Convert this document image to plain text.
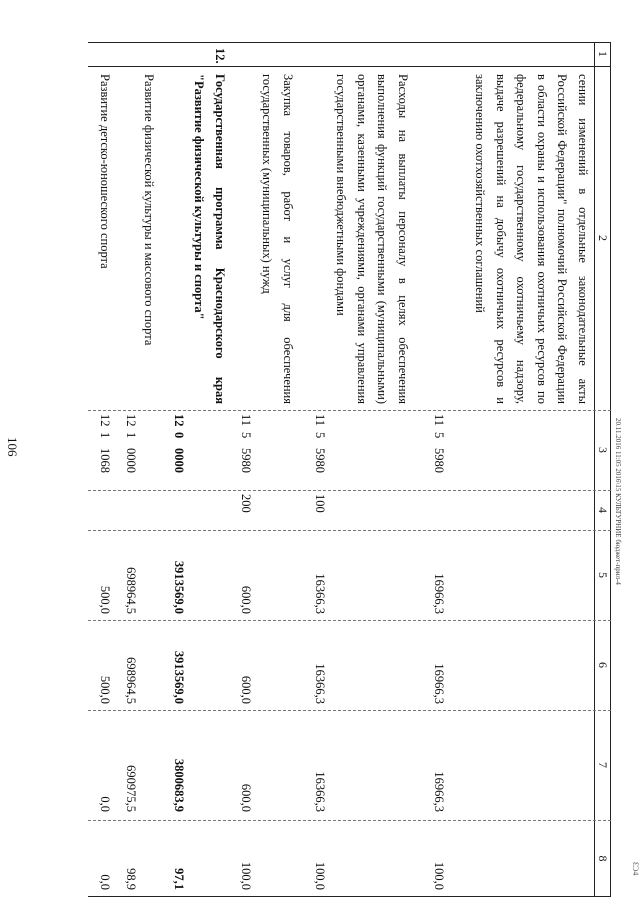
106
1
2
3
4
5
6
7
8
сении изменений в отдельные законодательные акты Российской Федерации" полномочий Российской Федерации в области охраны и использования охотничьих ресурсов по федеральному государственному охотничьему надзору, выдаче разрешений на добычу охотничьих ресурсов и заключению охотхозяйственных соглашений
11
5
5980
16966,3
16966,3
16966,3
100,0
Расходы на выплаты персоналу в целях обеспечения выполнения функций государственными (муниципальными) органами, казенными учреждениями, органами управления государственными внебюджетными фондами
11
5
5980
100
16366,3
16366,3
16366,3
100,0
Закупка товаров, работ и услуг для обеспечения государственных (муниципальных) нужд
11
5
5980
200
600,0
600,0
600,0
100,0
12.
Государственная программа Краснодарского края "Развитие физической культуры и спорта"
12
0
0000
3913569,0
3913569,0
3800683,9
97,1
Развитие физической культуры и массового спорта
12
1
0000
698964,5
698964,5
690975,5
98,9
Развитие детско-юношеского спорта
12
1
1068
500,0
500,0
0,0
0,0
20.11.2016 11:05 2016\15 КУЛЬТУРНИЕ бюджет-прил-4
ƐƆ4
